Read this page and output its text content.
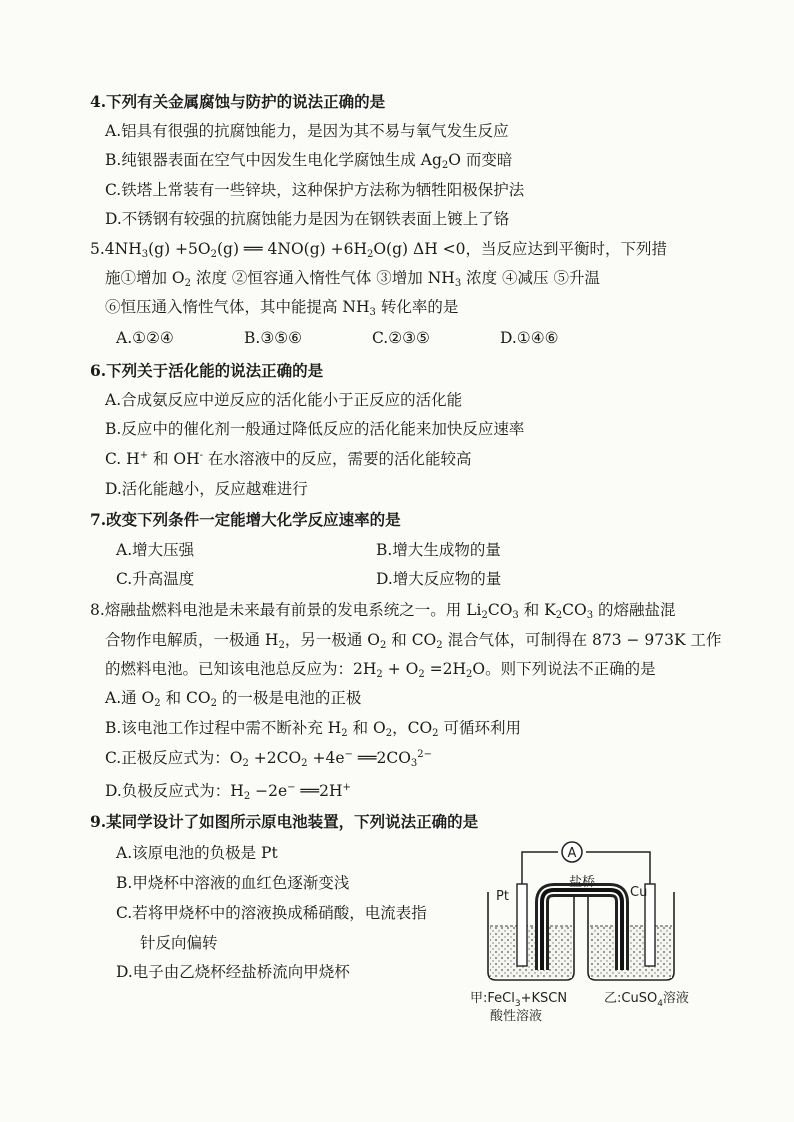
4.下列有关金属腐蚀与防护的说法正确的是
A.铝具有很强的抗腐蚀能力，是因为其不易与氧气发生反应
B.纯银器表面在空气中因发生电化学腐蚀生成 $Ag_2O$ 而变暗
C.铁塔上常装有一些锌块，这种保护方法称为牺牲阳极保护法
D.不锈钢有较强的抗腐蚀能力是因为在钢铁表面上镀上了铬
$5.4NH_3(g) +5O_2(g)$ ══ $4NO(g) +6H_2O(g)$ ΔH <0，当反应达到平衡时，下列措
施①增加 $O_2$ 浓度 ②恒容通入惰性气体 ③增加 $NH_3$ 浓度 ④减压 ⑤升温
⑥恒压通入惰性气体，其中能提高 $NH_3$ 转化率的是
A.①②④	B.③⑤⑥	C.②③⑤	D.①④⑥
6.下列关于活化能的说法正确的是
A.合成氨反应中逆反应的活化能小于正反应的活化能
B.反应中的催化剂一般通过降低反应的活化能来加快反应速率
C. H+ 和 OH- 在水溶液中的反应，需要的活化能较高
D.活化能越小，反应越难进行
7.改变下列条件一定能增大化学反应速率的是
A.增大压强	B.增大生成物的量
C.升高温度	D.增大反应物的量
8.熔融盐燃料电池是未来最有前景的发电系统之一。用 $Li_2CO_3$ 和 $K_2CO_3$ 的熔融盐混
合物作电解质，一极通 $H_2$，另一极通 $O_2$ 和 $CO_2$ 混合气体，可制得在 873 − 973K 工作
的燃料电池。已知该电池总反应为：$2H_2 + O_2 =2H_2O$。则下列说法不正确的是
A.通 $O_2$ 和 $CO_2$ 的一极是电池的正极
B.该电池工作过程中需不断补充 $H_2$ 和 $O_2$，$CO_2$ 可循环利用
C.正极反应式为：$O_2 +2CO_2 +4e^-$ $══2CO_3^{2-}$
D.负极反应式为：$H_2 -2e^-$ ══2H+
9.某同学设计了如图所示原电池装置，下列说法正确的是
A.该原电池的负极是 Pt
B.甲烧杯中溶液的血红色逐渐变浅
C.若将甲烧杯中的溶液换成稀硝酸，电流表指
针反向偏转
D.电子由乙烧杯经盐桥流向甲烧杯
A
Pt	Cu
盐桥
甲:FeCl$_3$+KSCN
酸性溶液
乙:CuSO$_4$溶液
